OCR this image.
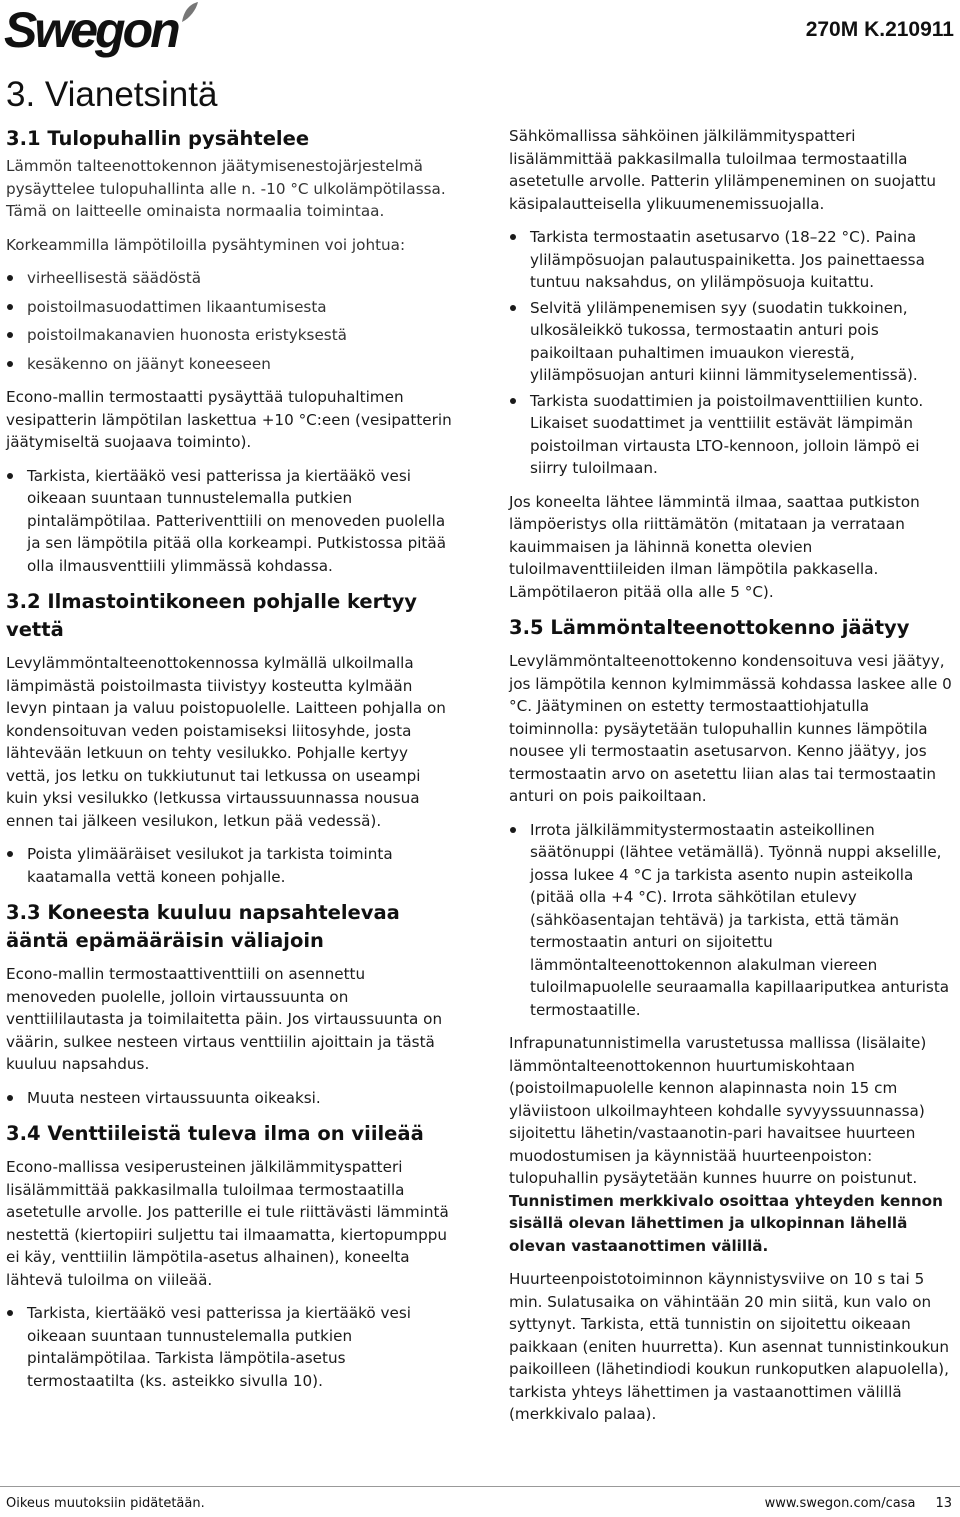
Swegon	270M K.210911
3. Vianetsintä
3.1 Tulopuhallin pysähtelee

Lämmön talteenottokennon jäätymisenestojärjestelmä pysäyttelee tulopuhallinta alle n. -10 °C ulkolämpötilassa. Tämä on laitteelle ominaista normaalia toimintaa.

Korkeammilla lämpötiloilla pysähtyminen voi johtua:

virheellisestä säädöstä
poistoilmasuodattimen likaantumisesta
poistoilmakanavien huonosta eristyksestä
kesäkenno on jäänyt koneeseen

Econo-mallin termostaatti pysäyttää tulopuhaltimen vesipatterin lämpötilan laskettua +10 °C:een (vesipatterin jäätymiseltä suojaava toiminto).

Tarkista, kiertääkö vesi patterissa ja kiertääkö vesi oikeaan suuntaan tunnustelemalla putkien pintalämpötilaa. Patteriventtiili on menoveden puolella ja sen lämpötila pitää olla korkeampi. Putkistossa pitää olla ilmausventtiili ylimmässä kohdassa.
3.2 Ilmastointikoneen pohjalle kertyy vettä

Levylämmöntalteenottokennossa kylmällä ulkoilmalla lämpimästä poistoilmasta tiivistyy kosteutta kylmään levyn pintaan ja valuu poistopuolelle. Laitteen pohjalla on kondensoituvan veden poistamiseksi liitosyhde, josta lähtevään letkuun on tehty vesilukko. Pohjalle kertyy vettä, jos letku on tukkiutunut tai letkussa on useampi kuin yksi vesilukko (letkussa virtaussuunnassa nousua ennen tai jälkeen vesilukon, letkun pää vedessä).

Poista ylimääräiset vesilukot ja tarkista toiminta kaatamalla vettä koneen pohjalle.
3.3 Koneesta kuuluu napsahtelevaa ääntä epämääräisin väliajoin

Econo-mallin termostaattiventtiili on asennettu menoveden puolelle, jolloin virtaussuunta on venttiililautasta ja toimilaitetta päin. Jos virtaussuunta on väärin, sulkee nesteen virtaus venttiilin ajoittain ja tästä kuuluu napsahdus.

Muuta nesteen virtaussuunta oikeaksi.
3.4 Venttiileistä tuleva ilma on viileää

Econo-mallissa vesiperusteinen jälkilämmityspatteri lisälämmittää pakkasilmalla tuloilmaa termostaatilla asetetulle arvolle. Jos patterille ei tule riittävästi lämmintä nestettä (kiertopiiri suljettu tai ilmaamatta, kiertopumppu ei käy, venttiilin lämpötila-asetus alhainen), koneelta lähtevä tuloilma on viileää.

Tarkista, kiertääkö vesi patterissa ja kiertääkö vesi oikeaan suuntaan tunnustelemalla putkien pintalämpötilaa. Tarkista lämpötila-asetus termostaatilta (ks. asteikko sivulla 10).

Sähkömallissa sähköinen jälkilämmityspatteri lisälämmittää pakkasilmalla tuloilmaa termostaatilla asetetulle arvolle. Patterin ylilämpeneminen on suojattu käsipalautteisella ylikuumenemissuojalla.

Tarkista termostaatin asetusarvo (18–22 °C). Paina ylilämpösuojan palautuspainiketta. Jos painettaessa tuntuu naksahdus, on ylilämpösuoja kuitattu.
Selvitä ylilämpenemisen syy (suodatin tukkoinen, ulkosäleikkö tukossa, termostaatin anturi pois paikoiltaan puhaltimen imuaukon vierestä, ylilämpösuojan anturi kiinni lämmityselementissä).
Tarkista suodattimien ja poistoilmaventtiilien kunto. Likaiset suodattimet ja venttiilit estävät lämpimän poistoilman virtausta LTO-kennoon, jolloin lämpö ei siirry tuloilmaan.

Jos koneelta lähtee lämmintä ilmaa, saattaa putkiston lämpöeristys olla riittämätön (mitataan ja verrataan kauimmaisen ja lähinnä konetta olevien tuloilmaventtiileiden ilman lämpötila pakkasella. Lämpötilaeron pitää olla alle 5 °C).

3.5 Lämmöntalteenottokenno jäätyy

Levylämmöntalteenottokenno kondensoituva vesi jäätyy, jos lämpötila kennon kylmimmässä kohdassa laskee alle 0 °C. Jäätyminen on estetty termostaattiohjatulla toiminnolla: pysäytetään tulopuhallin kunnes lämpötila nousee yli termostaatin asetusarvon. Kenno jäätyy, jos termostaatin arvo on asetettu liian alas tai termostaatin anturi on pois paikoiltaan.

Irrota jälkilämmitystermostaatin asteikollinen säätönuppi (lähtee vetämällä). Työnnä nuppi akselille, jossa lukee 4 °C ja tarkista asento nupin asteikolla (pitää olla +4 °C). Irrota sähkötilan etulevy (sähköasentajan tehtävä) ja tarkista, että tämän termostaatin anturi on sijoitettu lämmöntalteenottokennon alakulman viereen tuloilmapuolelle seuraamalla kapillaariputkea anturista termostaatille.

Infrapunatunnistimella varustetussa mallissa (lisälaite) lämmöntalteenottokennon huurtumiskohtaan (poistoilmapuolelle kennon alapinnasta noin 15 cm yläviistoon ulkoilmayhteen kohdalle syvyyssuunnassa) sijoitettu lähetin/vastaanotin-pari havaitsee huurteen muodostumisen ja käynnistää huurteenpoiston: tulopuhallin pysäytetään kunnes huurre on poistunut. Tunnistimen merkkivalo osoittaa yhteyden kennon sisällä olevan lähettimen ja ulkopinnan lähellä olevan vastaanottimen välillä.

Huurteenpoistotoiminnon käynnistysviive on 10 s tai 5 min. Sulatusaika on vähintään 20 min siitä, kun valo on syttynyt. Tarkista, että tunnistin on sijoitettu oikeaan paikkaan (eniten huurretta). Kun asennat tunnistinkoukun paikoilleen (lähetindiodi koukun runkoputken alapuolella), tarkista yhteys lähettimen ja vastaanottimen välillä (merkkivalo palaa).

Oikeus muutoksiin pidätetään.	www.swegon.com/casa 13
